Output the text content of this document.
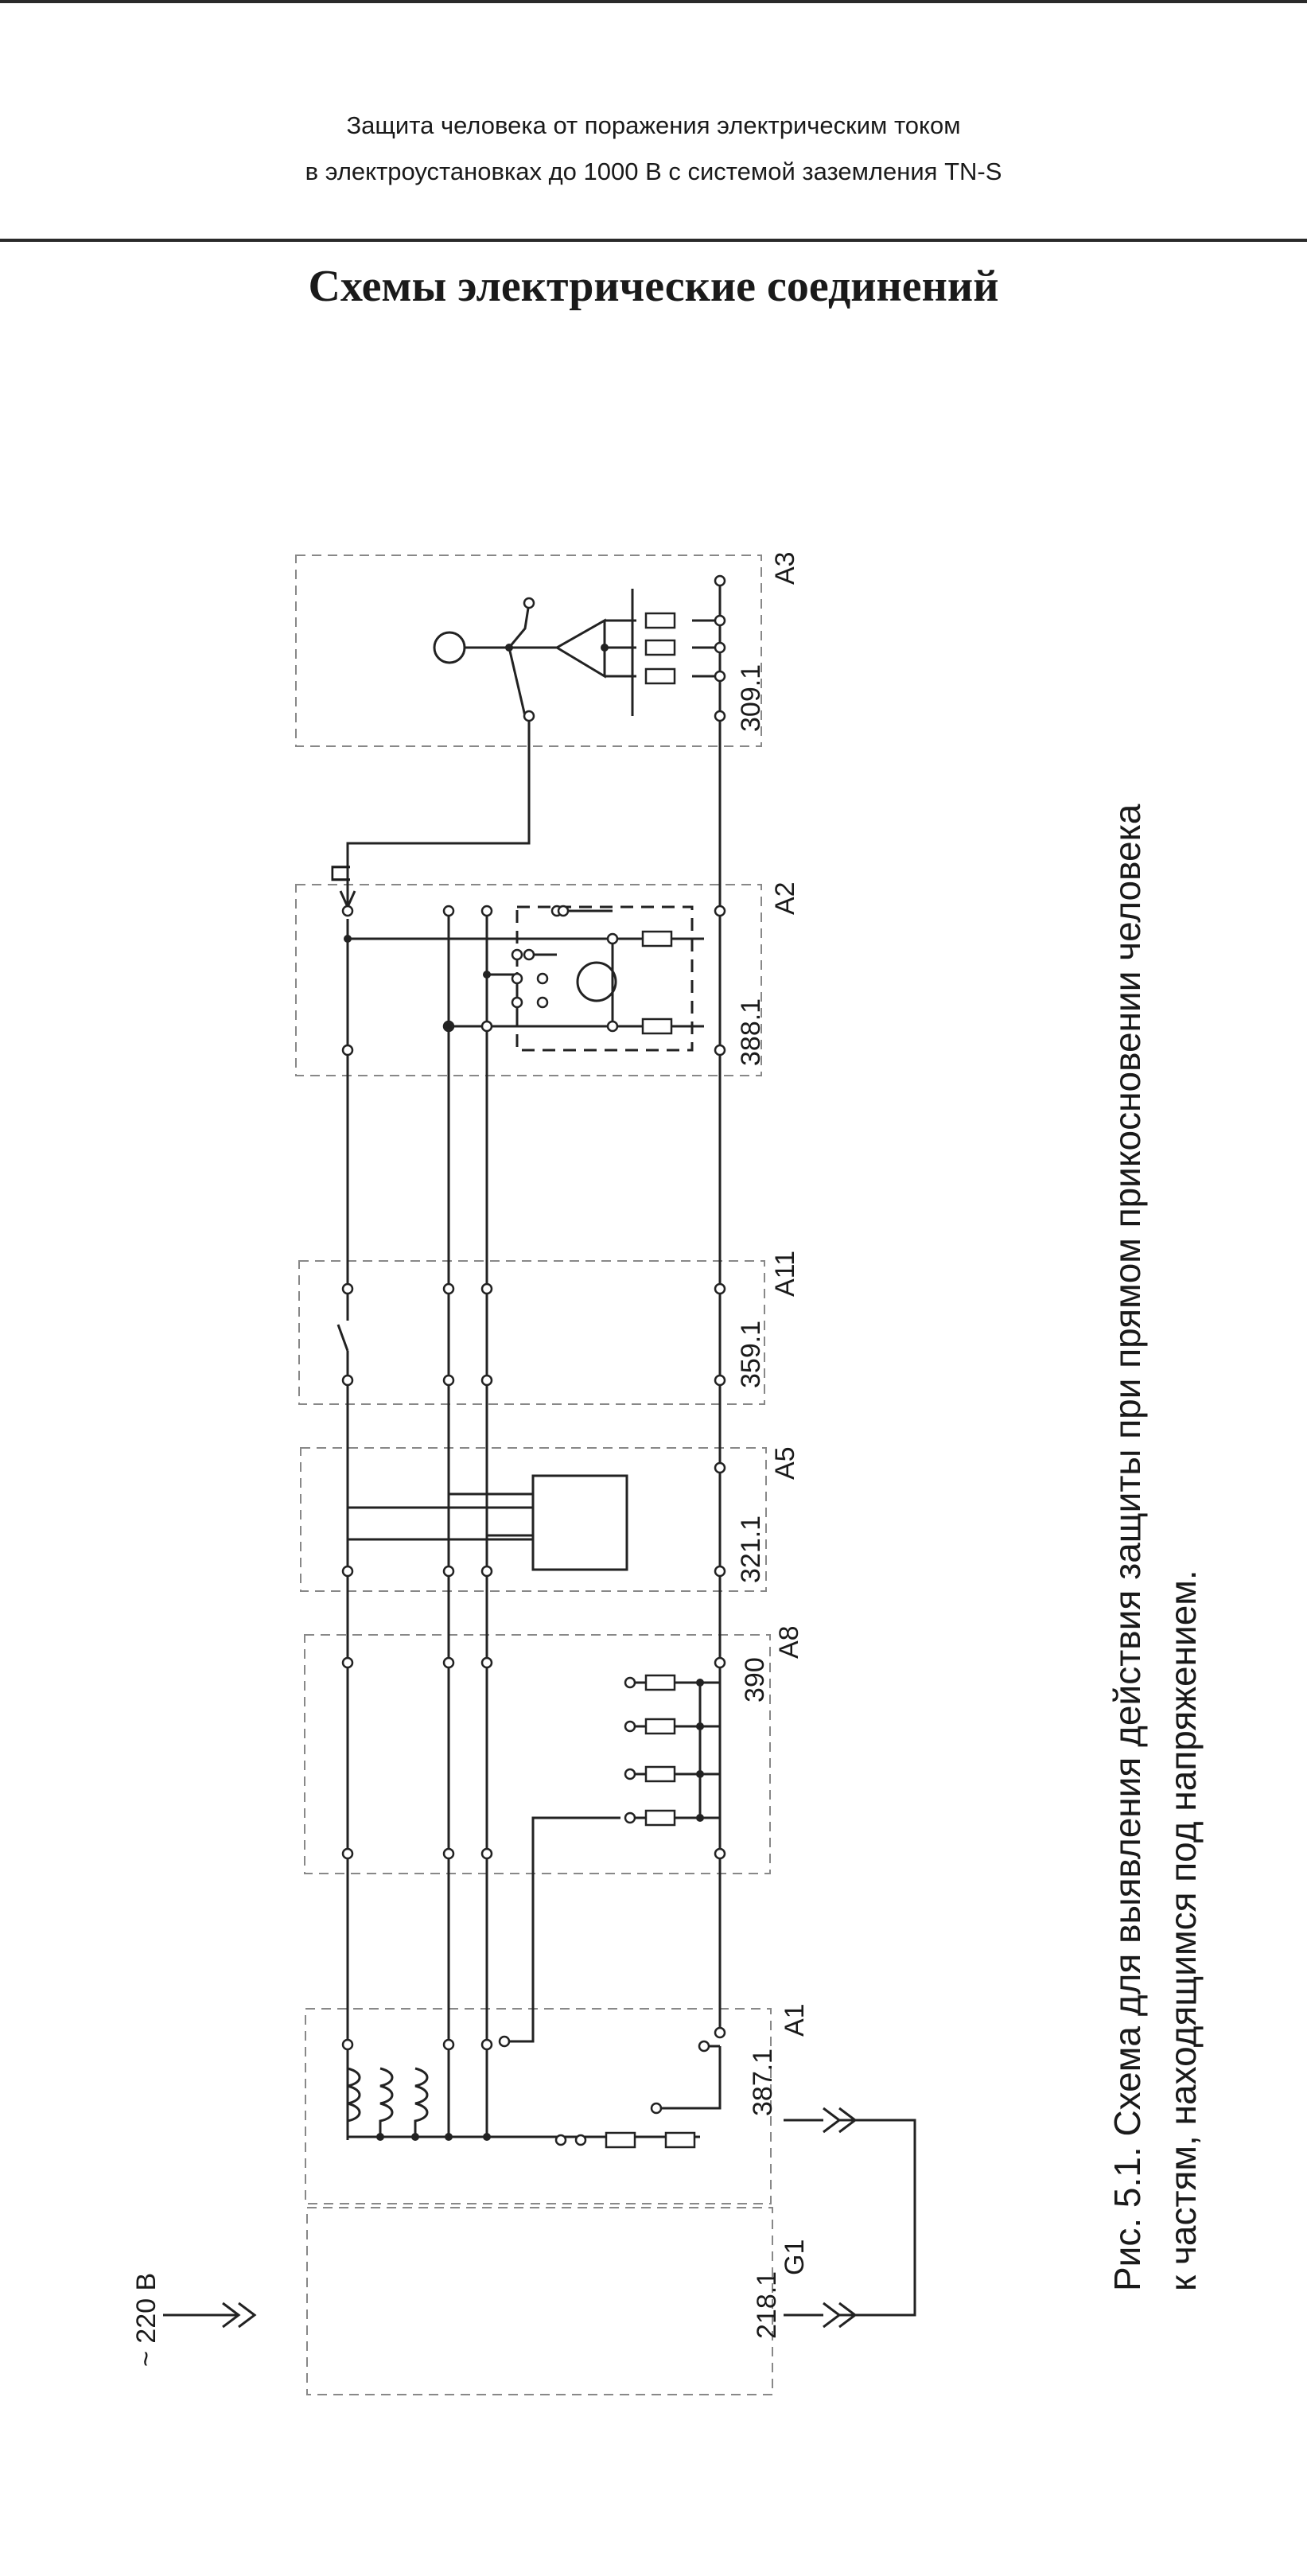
Защита человека от поражения электрическим током
в электроустановках до 1000 В с системой заземления TN-S
Схемы электрические соединений
~ 220 В
П
218.1
G1
387.1
A1
390
A8
321.1
A5
359.1
A11
388.1
A2
309.1
A3
Рис. 5.1. Схема для выявления действия защиты при прямом прикосновении человека к частям, находящимся под напряжением.
